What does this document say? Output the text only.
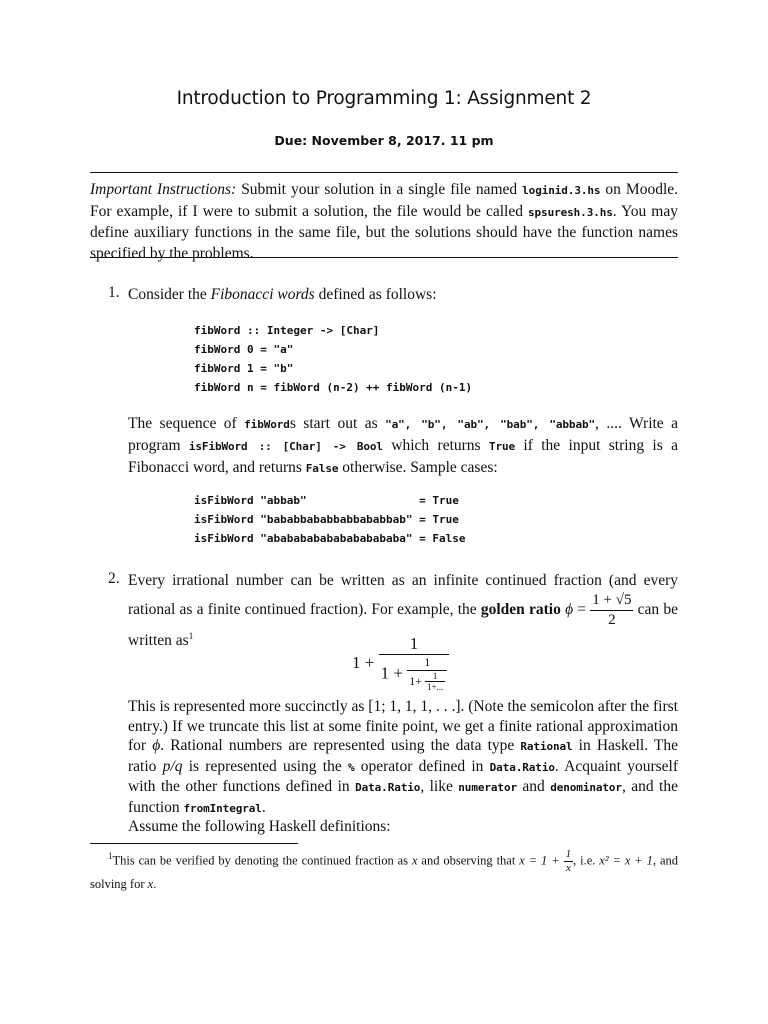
Introduction to Programming 1: Assignment 2
Due: November 8, 2017. 11 pm
Important Instructions: Submit your solution in a single file named loginid.3.hs on Moodle. For example, if I were to submit a solution, the file would be called spsuresh.3.hs. You may define auxiliary functions in the same file, but the solutions should have the function names specified by the problems.
1. Consider the Fibonacci words defined as follows:
fibWord :: Integer -> [Char]
fibWord 0 = "a"
fibWord 1 = "b"
fibWord n = fibWord (n-2) ++ fibWord (n-1)
The sequence of fibWords start out as "a", "b", "ab", "bab", "abbab", .... Write a program isFibWord :: [Char] -> Bool which returns True if the input string is a Fibonacci word, and returns False otherwise. Sample cases:
isFibWord "abbab"                 = True
isFibWord "bababbababbabbababbab" = True
isFibWord "ababababababababababa" = False
2. Every irrational number can be written as an infinite continued fraction (and every rational as a finite continued fraction). For example, the golden ratio $\phi = \frac{1 + √5}{2}$ can be written $as^1$
1 +
1
$1 + \frac{1}{1+ \frac{1}{1+...}}$
This is represented more succinctly as [1; 1, 1, 1, . . .]. (Note the semicolon after the first entry.) If we truncate this list at some finite point, we get a finite rational approximation for ϕ. Rational numbers are represented using the data type Rational in Haskell. The ratio p/q is represented using the % operator defined in Data.Ratio. Acquaint yourself with the other functions defined in Data.Ratio, like numerator and denominator, and the function fromIntegral.
Assume the following Haskell definitions:
$^1$This can be verified by denoting the continued fraction as x and observing that $x = 1 + \frac{1}{x}$ , i.e. x² = x + 1, and solving for x.
